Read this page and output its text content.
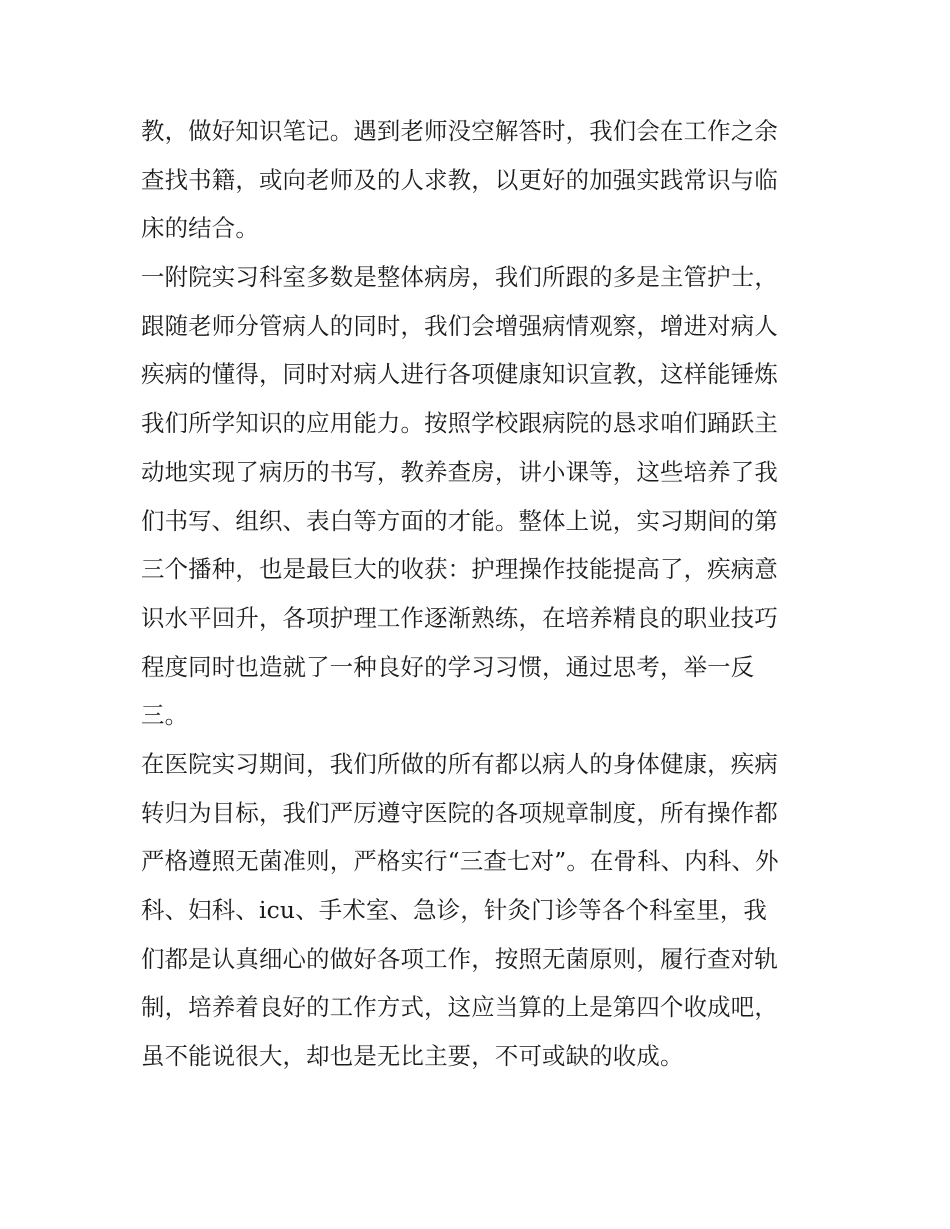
教，做好知识笔记。遇到老师没空解答时，我们会在工作之余
查找书籍，或向老师及的人求教，以更好的加强实践常识与临
床的结合。
一附院实习科室多数是整体病房，我们所跟的多是主管护士，
跟随老师分管病人的同时，我们会增强病情观察，增进对病人
疾病的懂得，同时对病人进行各项健康知识宣教，这样能锤炼
我们所学知识的应用能力。按照学校跟病院的恳求咱们踊跃主
动地实现了病历的书写，教养查房，讲小课等，这些培养了我
们书写、组织、表白等方面的才能。整体上说，实习期间的第
三个播种，也是最巨大的收获：护理操作技能提高了，疾病意
识水平回升，各项护理工作逐渐熟练，在培养精良的职业技巧
程度同时也造就了一种良好的学习习惯，通过思考，举一反
三。
在医院实习期间，我们所做的所有都以病人的身体健康，疾病
转归为目标，我们严厉遵守医院的各项规章制度，所有操作都
严格遵照无菌准则，严格实行“三查七对”。在骨科、内科、外
科、妇科、icu、手术室、急诊，针灸门诊等各个科室里，我
们都是认真细心的做好各项工作，按照无菌原则，履行查对轨
制，培养着良好的工作方式，这应当算的上是第四个收成吧，
虽不能说很大，却也是无比主要，不可或缺的收成。
